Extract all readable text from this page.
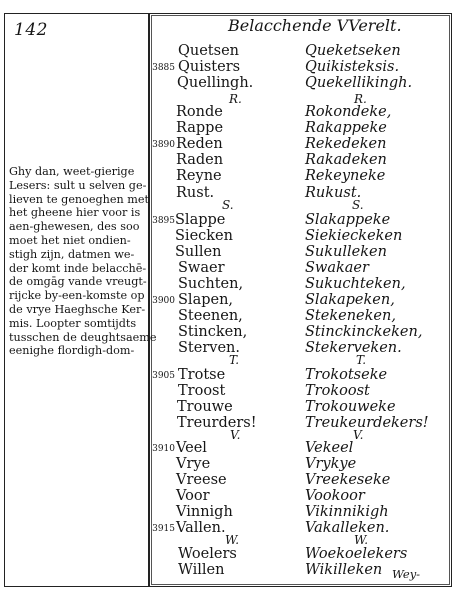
142	Belacchende VVerelt.
Ghy dan, weet-gierige
Lesers: sult u selven ge-
lieven te genoeghen met
het gheene hier voor is
aen-ghewesen, des soo
moet het niet ondien-
stigh zijn, datmen we-
der komt inde belacchē-
de omgāg vande vreugt-
rijcke by-een-komste op
de vrye Haeghsche Ker-
mis. Loopter somtijdts
tusschen de deughtsaeme
eenighe flordigh-dom-
Quetsen	Queketseken
3885 Quisters	Quikisteksis.
Quellingh.	Quekellikingh.
R.	R.
Ronde	Rokondeke,
Rappe	Rakappeke
3890 Reden	Rekedeken
Raden	Rakadeken
Reyne	Rekeyneke
Rust.	Rukust.
S.	S.
3895 Slappe	Slakappeke
Siecken	Siekieckeken
Sullen	Sukulleken
Swaer	Swakaer
Suchten,	Sukuchteken,
3900 Slapen,	Slakapeken,
Steenen,	Stekeneken,
Stincken,	Stinckinckeken,
Sterven.	Stekerveken.
T.	T.
3905 Trotse	Trokotseke
Troost	Trokoost
Trouwe	Trokouweke
Treurders!	Treukeurdekers!
V.	V.
3910 Veel	Vekeel
Vrye	Vrykye
Vreese	Vreekeseke
Voor	Vookoor
Vinnigh	Vikinnikigh
3915 Vallen.	Vakalleken.
W.	W.
Woelers	Woekoelekers
Willen	Wikilleken Wey-
